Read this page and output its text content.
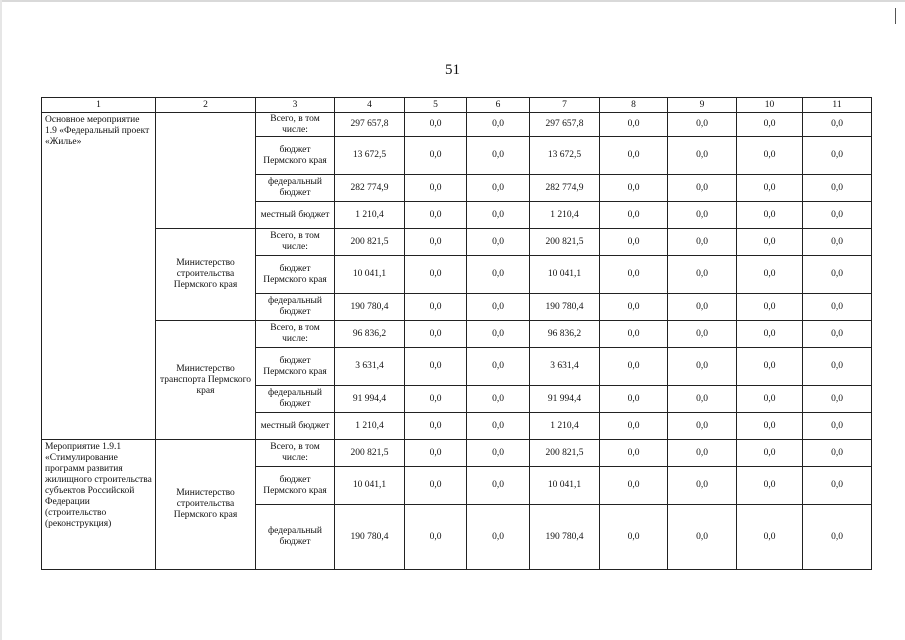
51
1	2	3	4	5	6	7	8	9	10	11
Основное мероприятие 1.9 «Федеральный проект «Жилье»		Всего, в том числе:	297 657,8	0,0	0,0	297 657,8	0,0	0,0	0,0	0,0
		бюджет Пермского края	13 672,5	0,0	0,0	13 672,5	0,0	0,0	0,0	0,0
		федеральный бюджет	282 774,9	0,0	0,0	282 774,9	0,0	0,0	0,0	0,0
		местный бюджет	1 210,4	0,0	0,0	1 210,4	0,0	0,0	0,0	0,0
	Министерство строительства Пермского края	Всего, в том числе:	200 821,5	0,0	0,0	200 821,5	0,0	0,0	0,0	0,0
		бюджет Пермского края	10 041,1	0,0	0,0	10 041,1	0,0	0,0	0,0	0,0
		федеральный бюджет	190 780,4	0,0	0,0	190 780,4	0,0	0,0	0,0	0,0
	Министерство транспорта Пермского края	Всего, в том числе:	96 836,2	0,0	0,0	96 836,2	0,0	0,0	0,0	0,0
		бюджет Пермского края	3 631,4	0,0	0,0	3 631,4	0,0	0,0	0,0	0,0
		федеральный бюджет	91 994,4	0,0	0,0	91 994,4	0,0	0,0	0,0	0,0
		местный бюджет	1 210,4	0,0	0,0	1 210,4	0,0	0,0	0,0	0,0
Мероприятие 1.9.1 «Стимулирование программ развития жилищного строительства субъектов Российской Федерации (строительство (реконструкция)	Министерство строительства Пермского края	Всего, в том числе:	200 821,5	0,0	0,0	200 821,5	0,0	0,0	0,0	0,0
		бюджет Пермского края	10 041,1	0,0	0,0	10 041,1	0,0	0,0	0,0	0,0
		федеральный бюджет	190 780,4	0,0	0,0	190 780,4	0,0	0,0	0,0	0,0
